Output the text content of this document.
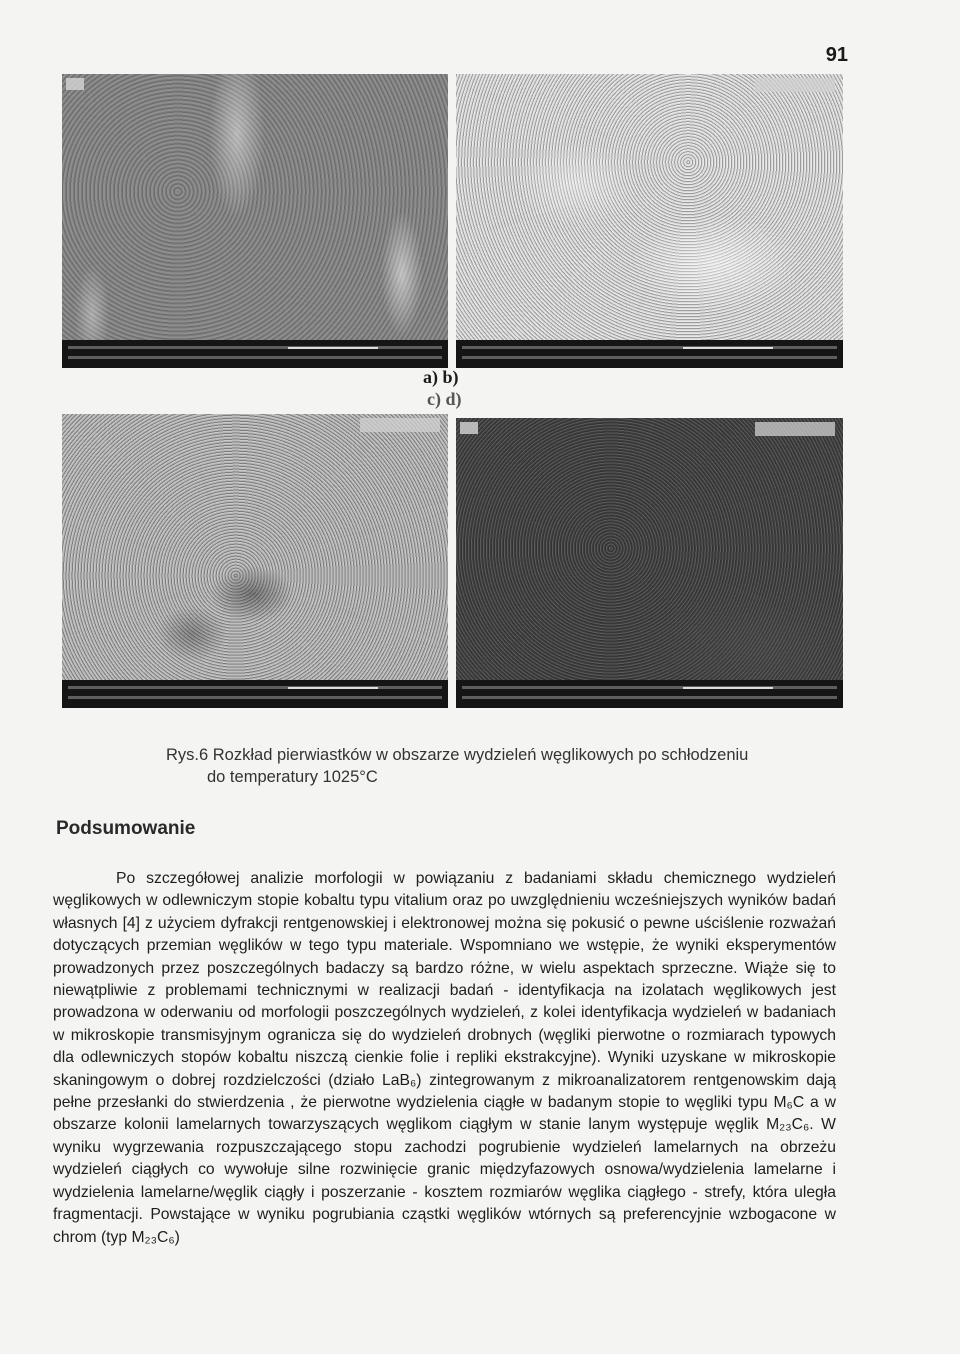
91
a) b)
c) d)
Rys.6 Rozkład pierwiastków w obszarze wydzieleń węglikowych po schłodzeniu
do temperatury 1025°C
Podsumowanie

Po szczegółowej analizie morfologii w powiązaniu z badaniami składu chemicznego wydzieleń węglikowych w odlewniczym stopie kobaltu typu vitalium oraz po uwzględnieniu wcześniejszych wyników badań własnych [4] z użyciem dyfrakcji rentgenowskiej i elektronowej można się pokusić o pewne uściślenie rozważań dotyczących przemian węglików w tego typu materiale. Wspomniano we wstępie, że wyniki eksperymentów prowadzonych przez poszczególnych badaczy są bardzo różne, w wielu aspektach sprzeczne. Wiąże się to niewątpliwie z problemami technicznymi w realizacji badań - identyfikacja na izolatach węglikowych jest prowadzona w oderwaniu od morfologii poszczególnych wydzieleń, z kolei identyfikacja wydzieleń w badaniach w mikroskopie transmisyjnym ogranicza się do wydzieleń drobnych (węgliki pierwotne o rozmiarach typowych dla odlewniczych stopów kobaltu niszczą cienkie folie i repliki ekstrakcyjne). Wyniki uzyskane w mikroskopie skaningowym o dobrej rozdzielczości (działo LaB₆) zintegrowanym z mikroanalizatorem rentgenowskim dają pełne przesłanki do stwierdzenia , że pierwotne wydzielenia ciągłe w badanym stopie to węgliki typu M₆C a w obszarze kolonii lamelarnych towarzyszących węglikom ciągłym w stanie lanym występuje węglik M₂₃C₆. W wyniku wygrzewania rozpuszczającego stopu zachodzi pogrubienie wydzieleń lamelarnych na obrzeżu wydzieleń ciągłych co wywołuje silne rozwinięcie granic międzyfazowych osnowa/wydzielenia lamelarne i wydzielenia lamelarne/węglik ciągły i poszerzanie - kosztem rozmiarów węglika ciągłego - strefy, która uległa fragmentacji. Powstające w wyniku pogrubiania cząstki węglików wtórnych są preferencyjnie wzbogacone w chrom (typ M₂₃C₆)
